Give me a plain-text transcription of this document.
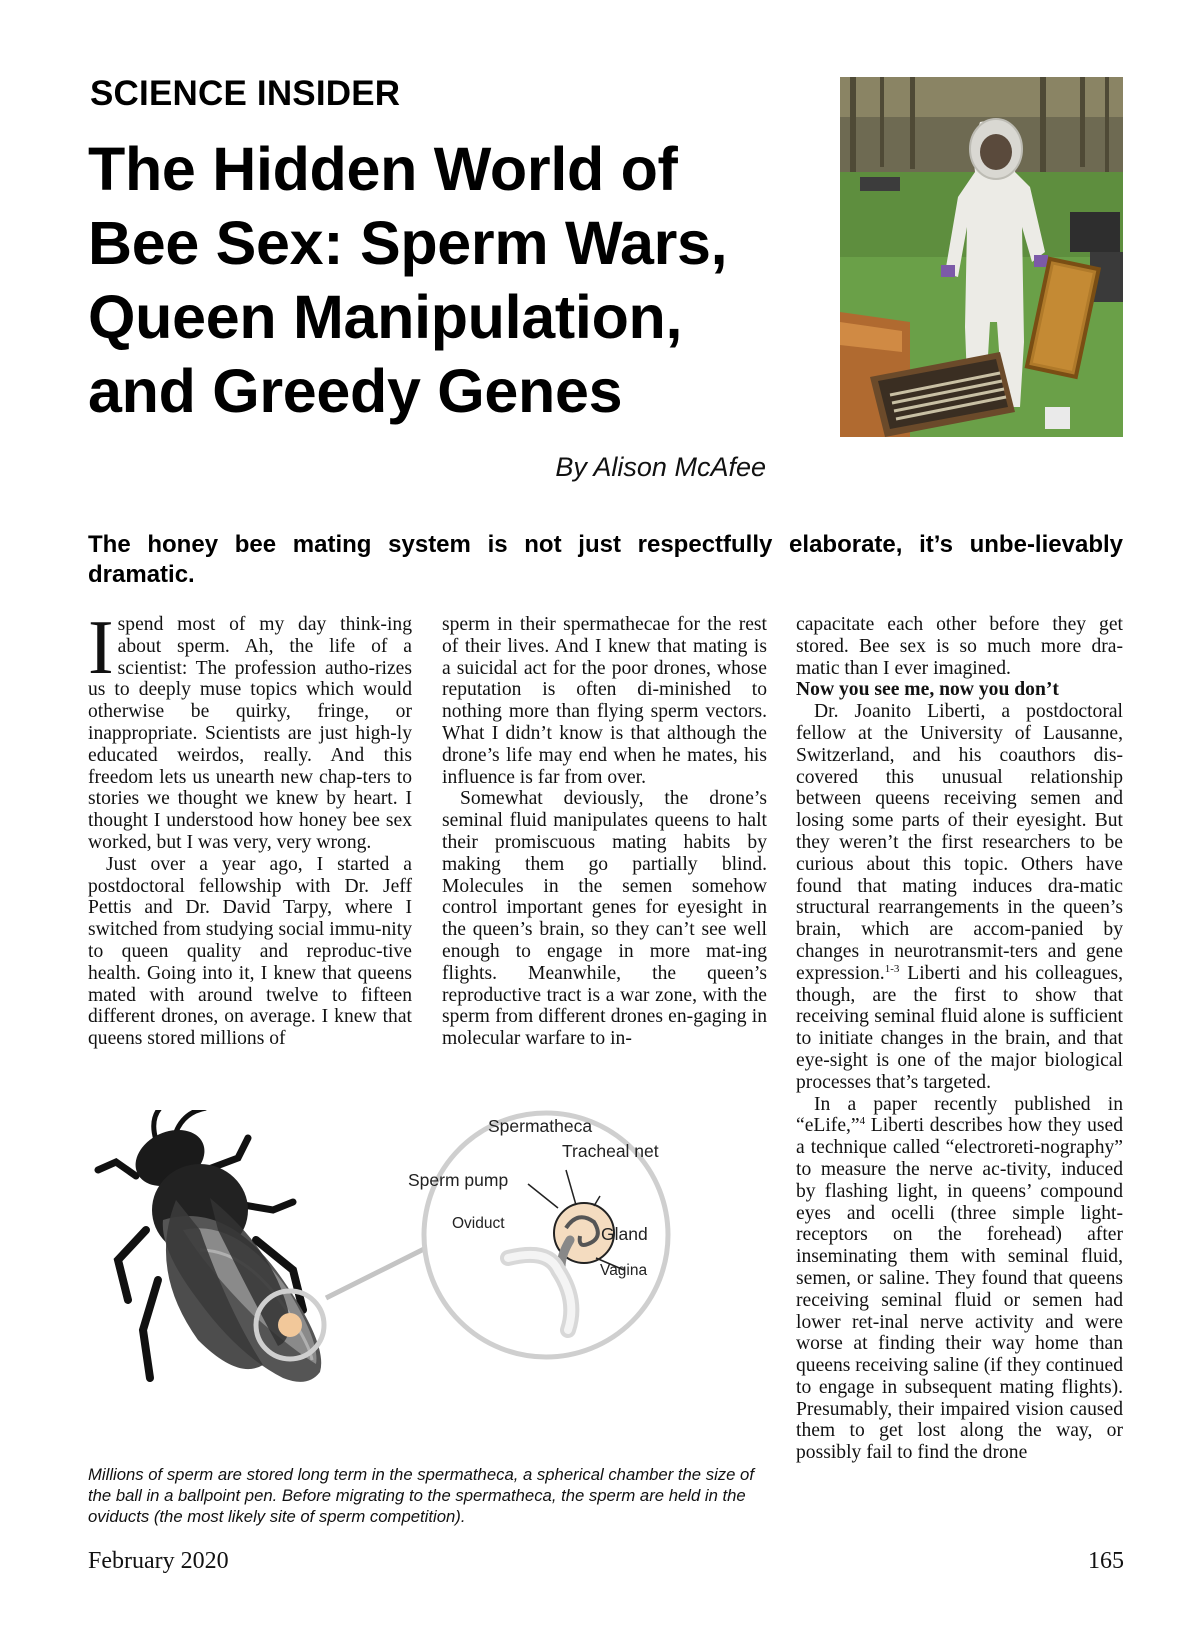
SCIENCE INSIDER
The Hidden World of
Bee Sex: Sperm Wars,
Queen Manipulation,
and Greedy Genes
By Alison McAfee
The honey bee mating system is not just respectfully elaborate, it’s unbe-lievably dramatic.

Ispend most of my day think-ing about sperm. Ah, the life of a scientist: The profession autho-rizes us to deeply muse topics which would otherwise be quirky, fringe, or inappropriate. Scientists are just high-ly educated weirdos, really. And this freedom lets us unearth new chap-ters to stories we thought we knew by heart. I thought I understood how honey bee sex worked, but I was very, very wrong.

Just over a year ago, I started a postdoctoral fellowship with Dr. Jeff Pettis and Dr. David Tarpy, where I switched from studying social immu-nity to queen quality and reproduc-tive health. Going into it, I knew that queens mated with around twelve to fifteen different drones, on average. I knew that queens stored millions of

sperm in their spermathecae for the rest of their lives. And I knew that mating is a suicidal act for the poor drones, whose reputation is often di-minished to nothing more than flying sperm vectors. What I didn’t know is that although the drone’s life may end when he mates, his influence is far from over.

Somewhat deviously, the drone’s seminal fluid manipulates queens to halt their promiscuous mating habits by making them go partially blind. Molecules in the semen somehow control important genes for eyesight in the queen’s brain, so they can’t see well enough to engage in more mat-ing flights. Meanwhile, the queen’s reproductive tract is a war zone, with the sperm from different drones en-gaging in molecular warfare to in-

capacitate each other before they get stored. Bee sex is so much more dra-matic than I ever imagined.

Now you see me, now you don’t

Dr. Joanito Liberti, a postdoctoral fellow at the University of Lausanne, Switzerland, and his coauthors dis-covered this unusual relationship between queens receiving semen and losing some parts of their eyesight. But they weren’t the first researchers to be curious about this topic. Others have found that mating induces dra-matic structural rearrangements in the queen’s brain, which are accom-panied by changes in neurotransmit-ters and gene expression.$^{1-3}$ Liberti and his colleagues, though, are the first to show that receiving seminal fluid alone is sufficient to initiate changes in the brain, and that eye-sight is one of the major biological processes that’s targeted.

In a paper recently published in “eLife,”$^4$ Liberti describes how they used a technique called “electroreti-nography” to measure the nerve ac-tivity, induced by flashing light, in queens’ compound eyes and ocelli (three simple light-receptors on the forehead) after inseminating them with seminal fluid, semen, or saline. They found that queens receiving seminal fluid or semen had lower ret-inal nerve activity and were worse at finding their way home than queens receiving saline (if they continued to engage in subsequent mating flights). Presumably, their impaired vision caused them to get lost along the way, or possibly fail to find the drone

Spermatheca
Tracheal net
Sperm pump
Oviduct
Gland
Vagina
Millions of sperm are stored long term in the spermatheca, a spherical chamber the size of the ball in a ballpoint pen. Before migrating to the spermatheca, the sperm are held in the oviducts (the most likely site of sperm competition).
February 2020	165
